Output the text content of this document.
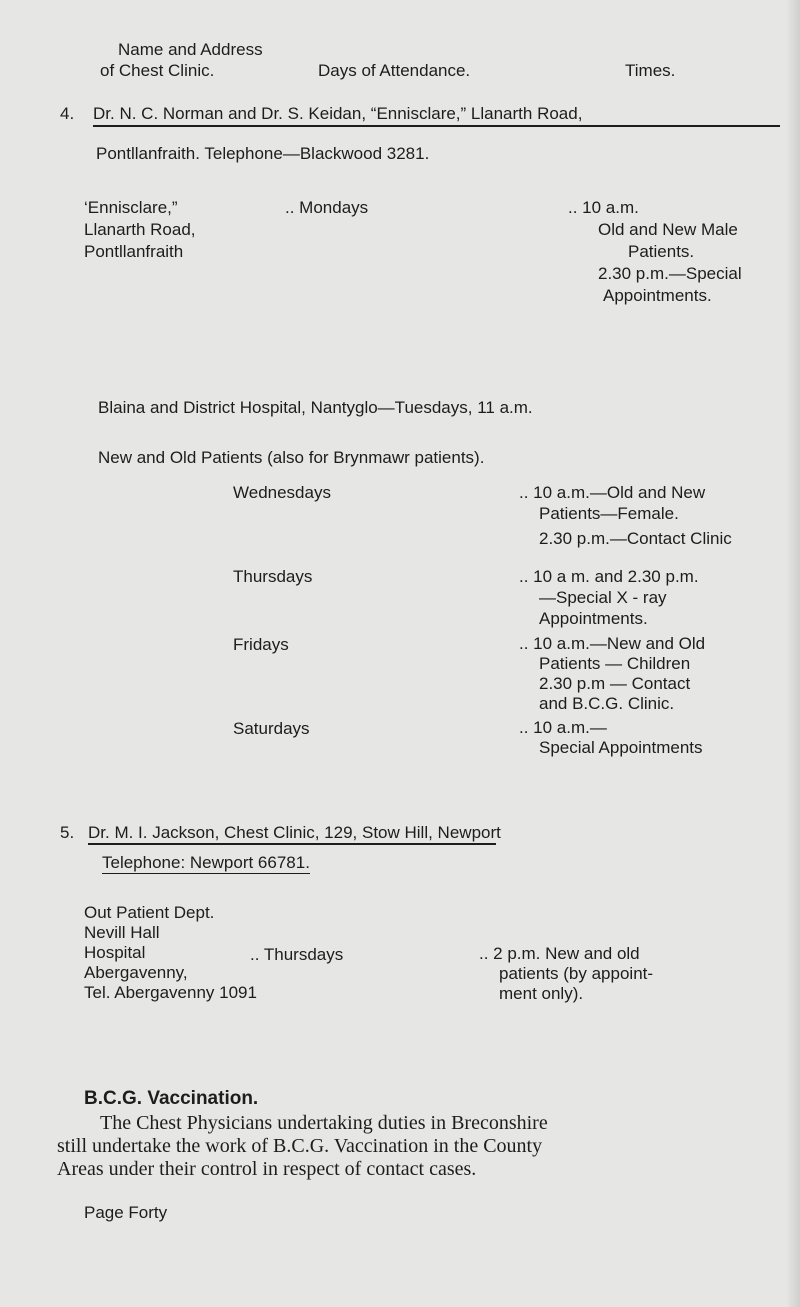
Name and Address
of Chest Clinic.	Days of Attendance.	Times.
4. Dr. N. C. Norman and Dr. S. Keidan, “Ennisclare,” Llanarth Road,
Pontllanfraith. Telephone—Blackwood 3281.
‘Ennisclare,”
Llanarth Road,
Pontllanfraith
.. Mondays	.. 10 a.m.
Old and New Male
Patients.
2.30 p.m.—Special
Appointments.
Blaina and District Hospital, Nantyglo—Tuesdays, 11 a.m.
New and Old Patients (also for Brynmawr patients).
Wednesdays	.. 10 a.m.—Old and New
Patients—Female.
2.30 p.m.—Contact Clinic
Thursdays	.. 10 a m. and 2.30 p.m.
—Special X - ray
Appointments.
Fridays	.. 10 a.m.—New and Old
Patients — Children
2.30 p.m — Contact
and B.C.G. Clinic.
Saturdays	.. 10 a.m.—
Special Appointments
5. Dr. M. I. Jackson, Chest Clinic, 129, Stow Hill, Newport
Telephone: Newport 66781.
Out Patient Dept.
Nevill Hall
Hospital
Abergavenny,
Tel. Abergavenny 1091
.. Thursdays	.. 2 p.m. New and old
patients (by appoint-
ment only).
B.C.G. Vaccination.
The Chest Physicians undertaking duties in Breconshire
still undertake the work of B.C.G. Vaccination in the County
Areas under their control in respect of contact cases.
Page Forty
